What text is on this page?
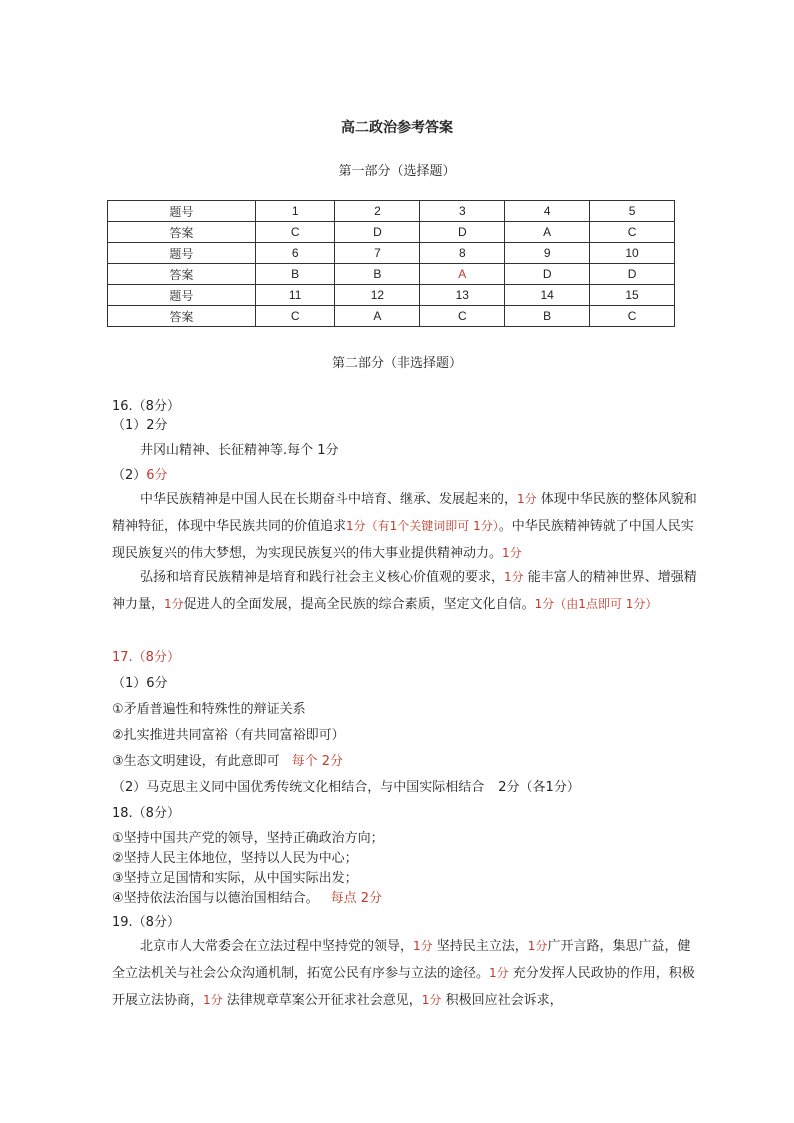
高二政治参考答案
第一部分（选择题）
题号	1	2	3	4	5
答案	C	D	D	A	C
题号	6	7	8	9	10
答案	B	B	A	D	D
题号	11	12	13	14	15
答案	C	A	C	B	C
第二部分（非选择题）
16.（8分）
（1）2分
井冈山精神、长征精神等.每个 1分
（2）6分
中华民族精神是中国人民在长期奋斗中培育、继承、发展起来的，1分 体现中华民族的整体风貌和精神特征，体现中华民族共同的价值追求1分（有1个关键词即可 1分）。中华民族精神铸就了中国人民实现民族复兴的伟大梦想，为实现民族复兴的伟大事业提供精神动力。1分
弘扬和培育民族精神是培育和践行社会主义核心价值观的要求，1分 能丰富人的精神世界、增强精神力量，1分促进人的全面发展，提高全民族的综合素质，坚定文化自信。1分（由1点即可 1分）
17.（8分）
（1）6分
①矛盾普遍性和特殊性的辩证关系
②扎实推进共同富裕（有共同富裕即可）
③生态文明建设，有此意即可 每个 2分
（2）马克思主义同中国优秀传统文化相结合，与中国实际相结合 2分（各1分）
18.（8分）
①坚持中国共产党的领导，坚持正确政治方向；
②坚持人民主体地位，坚持以人民为中心；
③坚持立足国情和实际，从中国实际出发；
④坚持依法治国与以德治国相结合。 每点 2分
19.（8分）
北京市人大常委会在立法过程中坚持党的领导，1分 坚持民主立法，1分广开言路，集思广益，健全立法机关与社会公众沟通机制，拓宽公民有序参与立法的途径。1分 充分发挥人民政协的作用，积极开展立法协商，1分 法律规章草案公开征求社会意见，1分 积极回应社会诉求，
